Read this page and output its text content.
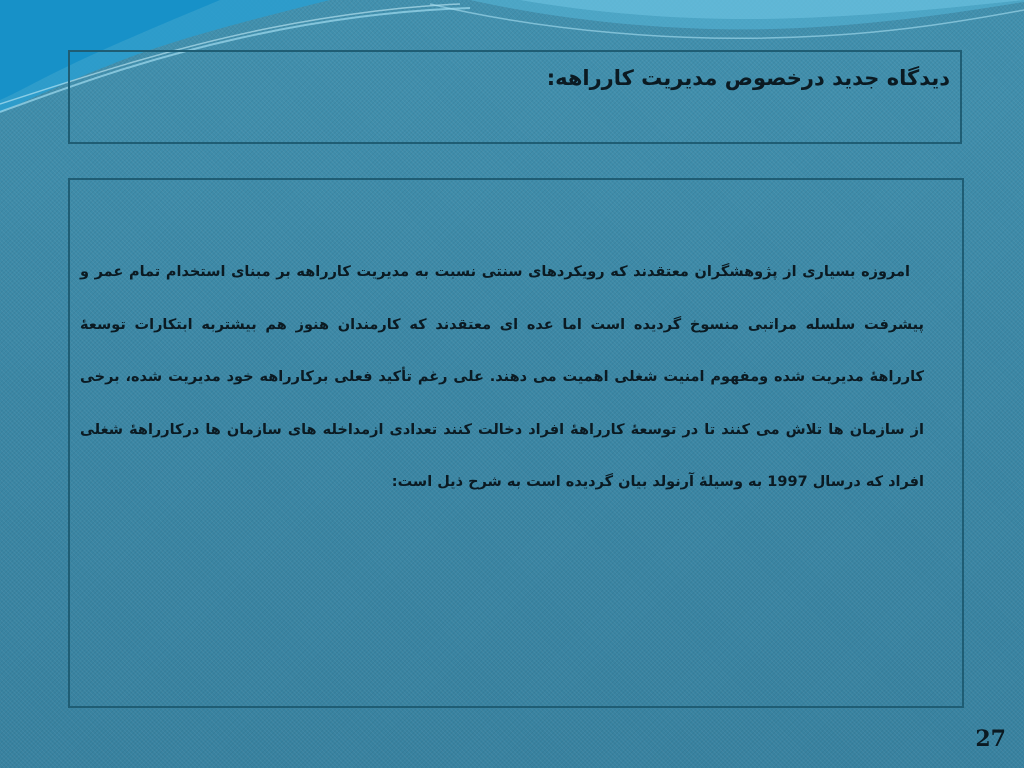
دیدگاه جدید درخصوص مدیریت کارراهه:

امروزه بسیاری از پژوهشگران معتقدند که رویکردهای سنتی نسبت به مدیریت کارراهه بر مبنای استخدام تمام عمر و پیشرفت سلسله مراتبی منسوخ گردیده است اما عده ای معتقدند که کارمندان هنوز هم بیشتربه ابتکارات توسعۀ کارراهۀ مدیریت شده ومفهوم امنیت شغلی اهمیت می دهند. علی رغم تأکید فعلی برکارراهه خود مدیریت شده، برخی از سازمان ها تلاش می کنند تا در توسعۀ کارراهۀ افراد دخالت کنند تعدادی ازمداخله های سازمان ها درکارراهۀ شغلی افراد که درسال 1997 به وسیلۀ آرنولد بیان گردیده است به شرح ذیل است:

27
